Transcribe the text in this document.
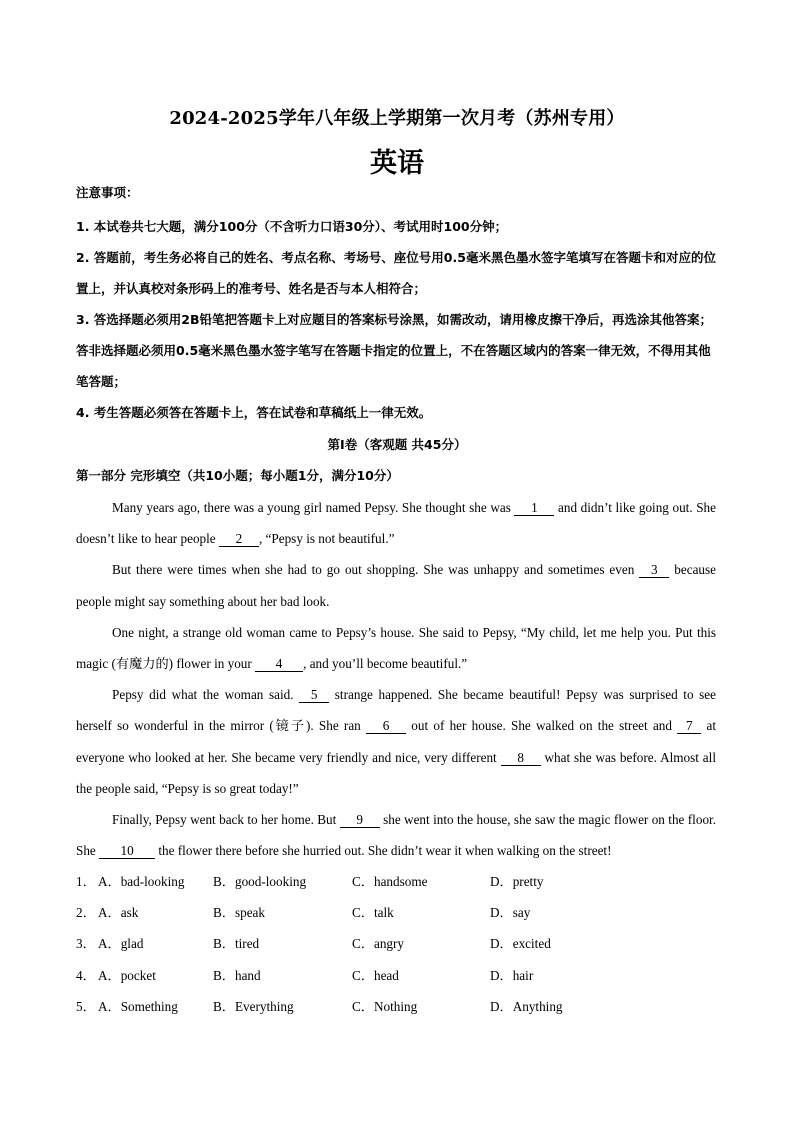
2024-2025学年八年级上学期第一次月考（苏州专用）
英语
注意事项：

1. 本试卷共七大题，满分100分（不含听力口语30分）、考试用时100分钟；

2. 答题前，考生务必将自己的姓名、考点名称、考场号、座位号用0.5毫米黑色墨水签字笔填写在答题卡和对应的位置上，并认真校对条形码上的准考号、姓名是否与本人相符合；

3. 答选择题必须用2B铅笔把答题卡上对应题目的答案标号涂黑，如需改动，请用橡皮擦干净后，再选涂其他答案；答非选择题必须用0.5毫米黑色墨水签字笔写在答题卡指定的位置上，不在答题区域内的答案一律无效，不得用其他笔答题；

4. 考生答题必须答在答题卡上，答在试卷和草稿纸上一律无效。

第Ⅰ卷（客观题 共45分）
第一部分 完形填空（共10小题；每小题1分，满分10分）

Many years ago, there was a young girl named Pepsy. She thought she was 1 and didn’t like going out. She doesn’t like to hear people 2 , “Pepsy is not beautiful.”

But there were times when she had to go out shopping. She was unhappy and sometimes even 3 because people might say something about her bad look.

One night, a strange old woman came to Pepsy’s house. She said to Pepsy, “My child, let me help you. Put this magic (有魔力的) flower in your 4 , and you’ll become beautiful.”

Pepsy did what the woman said. 5 strange happened. She became beautiful! Pepsy was surprised to see herself so wonderful in the mirror (镜子). She ran 6 out of her house. She walked on the street and 7 at everyone who looked at her. She became very friendly and nice, very different 8 what she was before. Almost all the people said, “Pepsy is so great today!”

Finally, Pepsy went back to her home. But 9 she went into the house, she saw the magic flower on the floor. She 10 the flower there before she hurried out. She didn’t wear it when walking on the street!

1． A．bad-looking B．good-looking	C．handsome	D．pretty
2． A．ask	B．speak	C．talk	D．say
3． A．glad	B．tired	C．angry	D．excited
4． A．pocket	B．hand	C．head	D．hair
5． A．Something	B．Everything	C．Nothing	D．Anything
